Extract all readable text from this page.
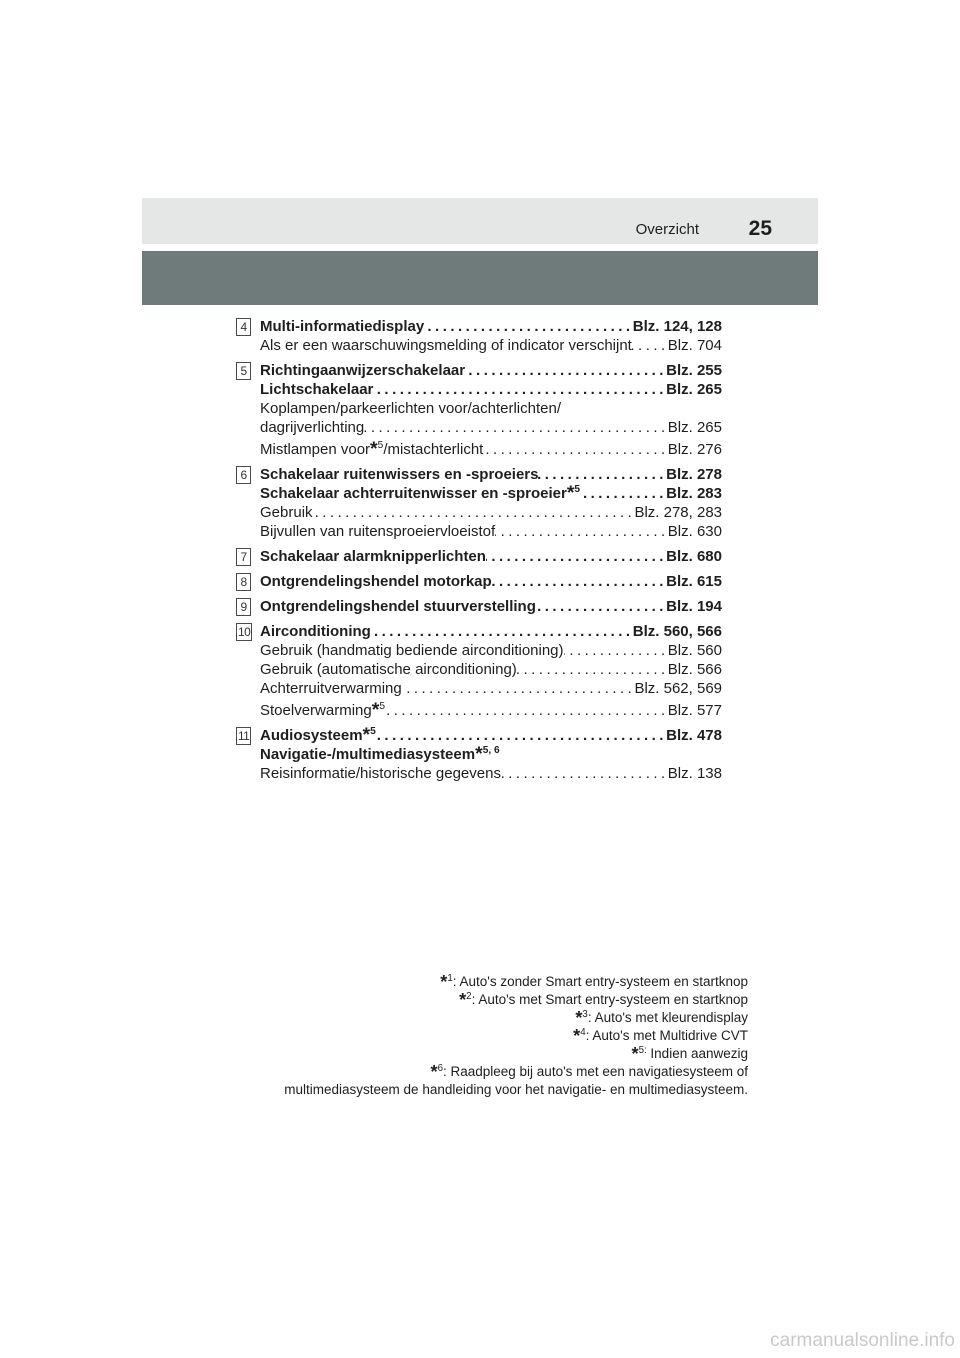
Overzicht 25
4 Multi-informatiedisplay . . .	Blz. 124, 128
Als er een waarschuwingsmelding of indicator verschijnt . . . Blz. 704
5 Richtingaanwijzerschakelaar . . .	Blz. 255
Lichtschakelaar . . .	Blz. 265
Koplampen/parkeerlichten voor/achterlichten/
dagrijverlichting . . .	Blz. 265
Mistlampen voor*$^5$/mistachterlicht . . .	Blz. 276
6 Schakelaar ruitenwissers en -sproeiers . . .	Blz. 278
Schakelaar achterruitenwisser en -sproeier*$^5$ . . .	Blz. 283
Gebruik . . .	Blz. 278, 283
Bijvullen van ruitensproeiervloeistof . . .	Blz. 630
7 Schakelaar alarmknipperlichten . . .	Blz. 680
8 Ontgrendelingshendel motorkap . . .	Blz. 615
9 Ontgrendelingshendel stuurverstelling . . .	Blz. 194
10 Airconditioning . . .	Blz. 560, 566
Gebruik (handmatig bediende airconditioning) . . .	Blz. 560
Gebruik (automatische airconditioning) . . .	Blz. 566
Achterruitverwarming . . .	Blz. 562, 569
Stoelverwarming*$^5$ . . .	Blz. 577
11 Audiosysteem*$^5$ . . .	Blz. 478
Navigatie-/multimediasysteem*$^{5, 6}$
Reisinformatie/historische gegevens . . .	Blz. 138
*$^1$: Auto's zonder Smart entry-systeem en startknop
*$^2$: Auto's met Smart entry-systeem en startknop
*$^3$: Auto's met kleurendisplay
*$^4$: Auto's met Multidrive CVT
*$^{5:}$ Indien aanwezig
*$^6$: Raadpleeg bij auto's met een navigatiesysteem of
multimediasysteem de handleiding voor het navigatie- en multimediasysteem.
carmanualsonline.info
